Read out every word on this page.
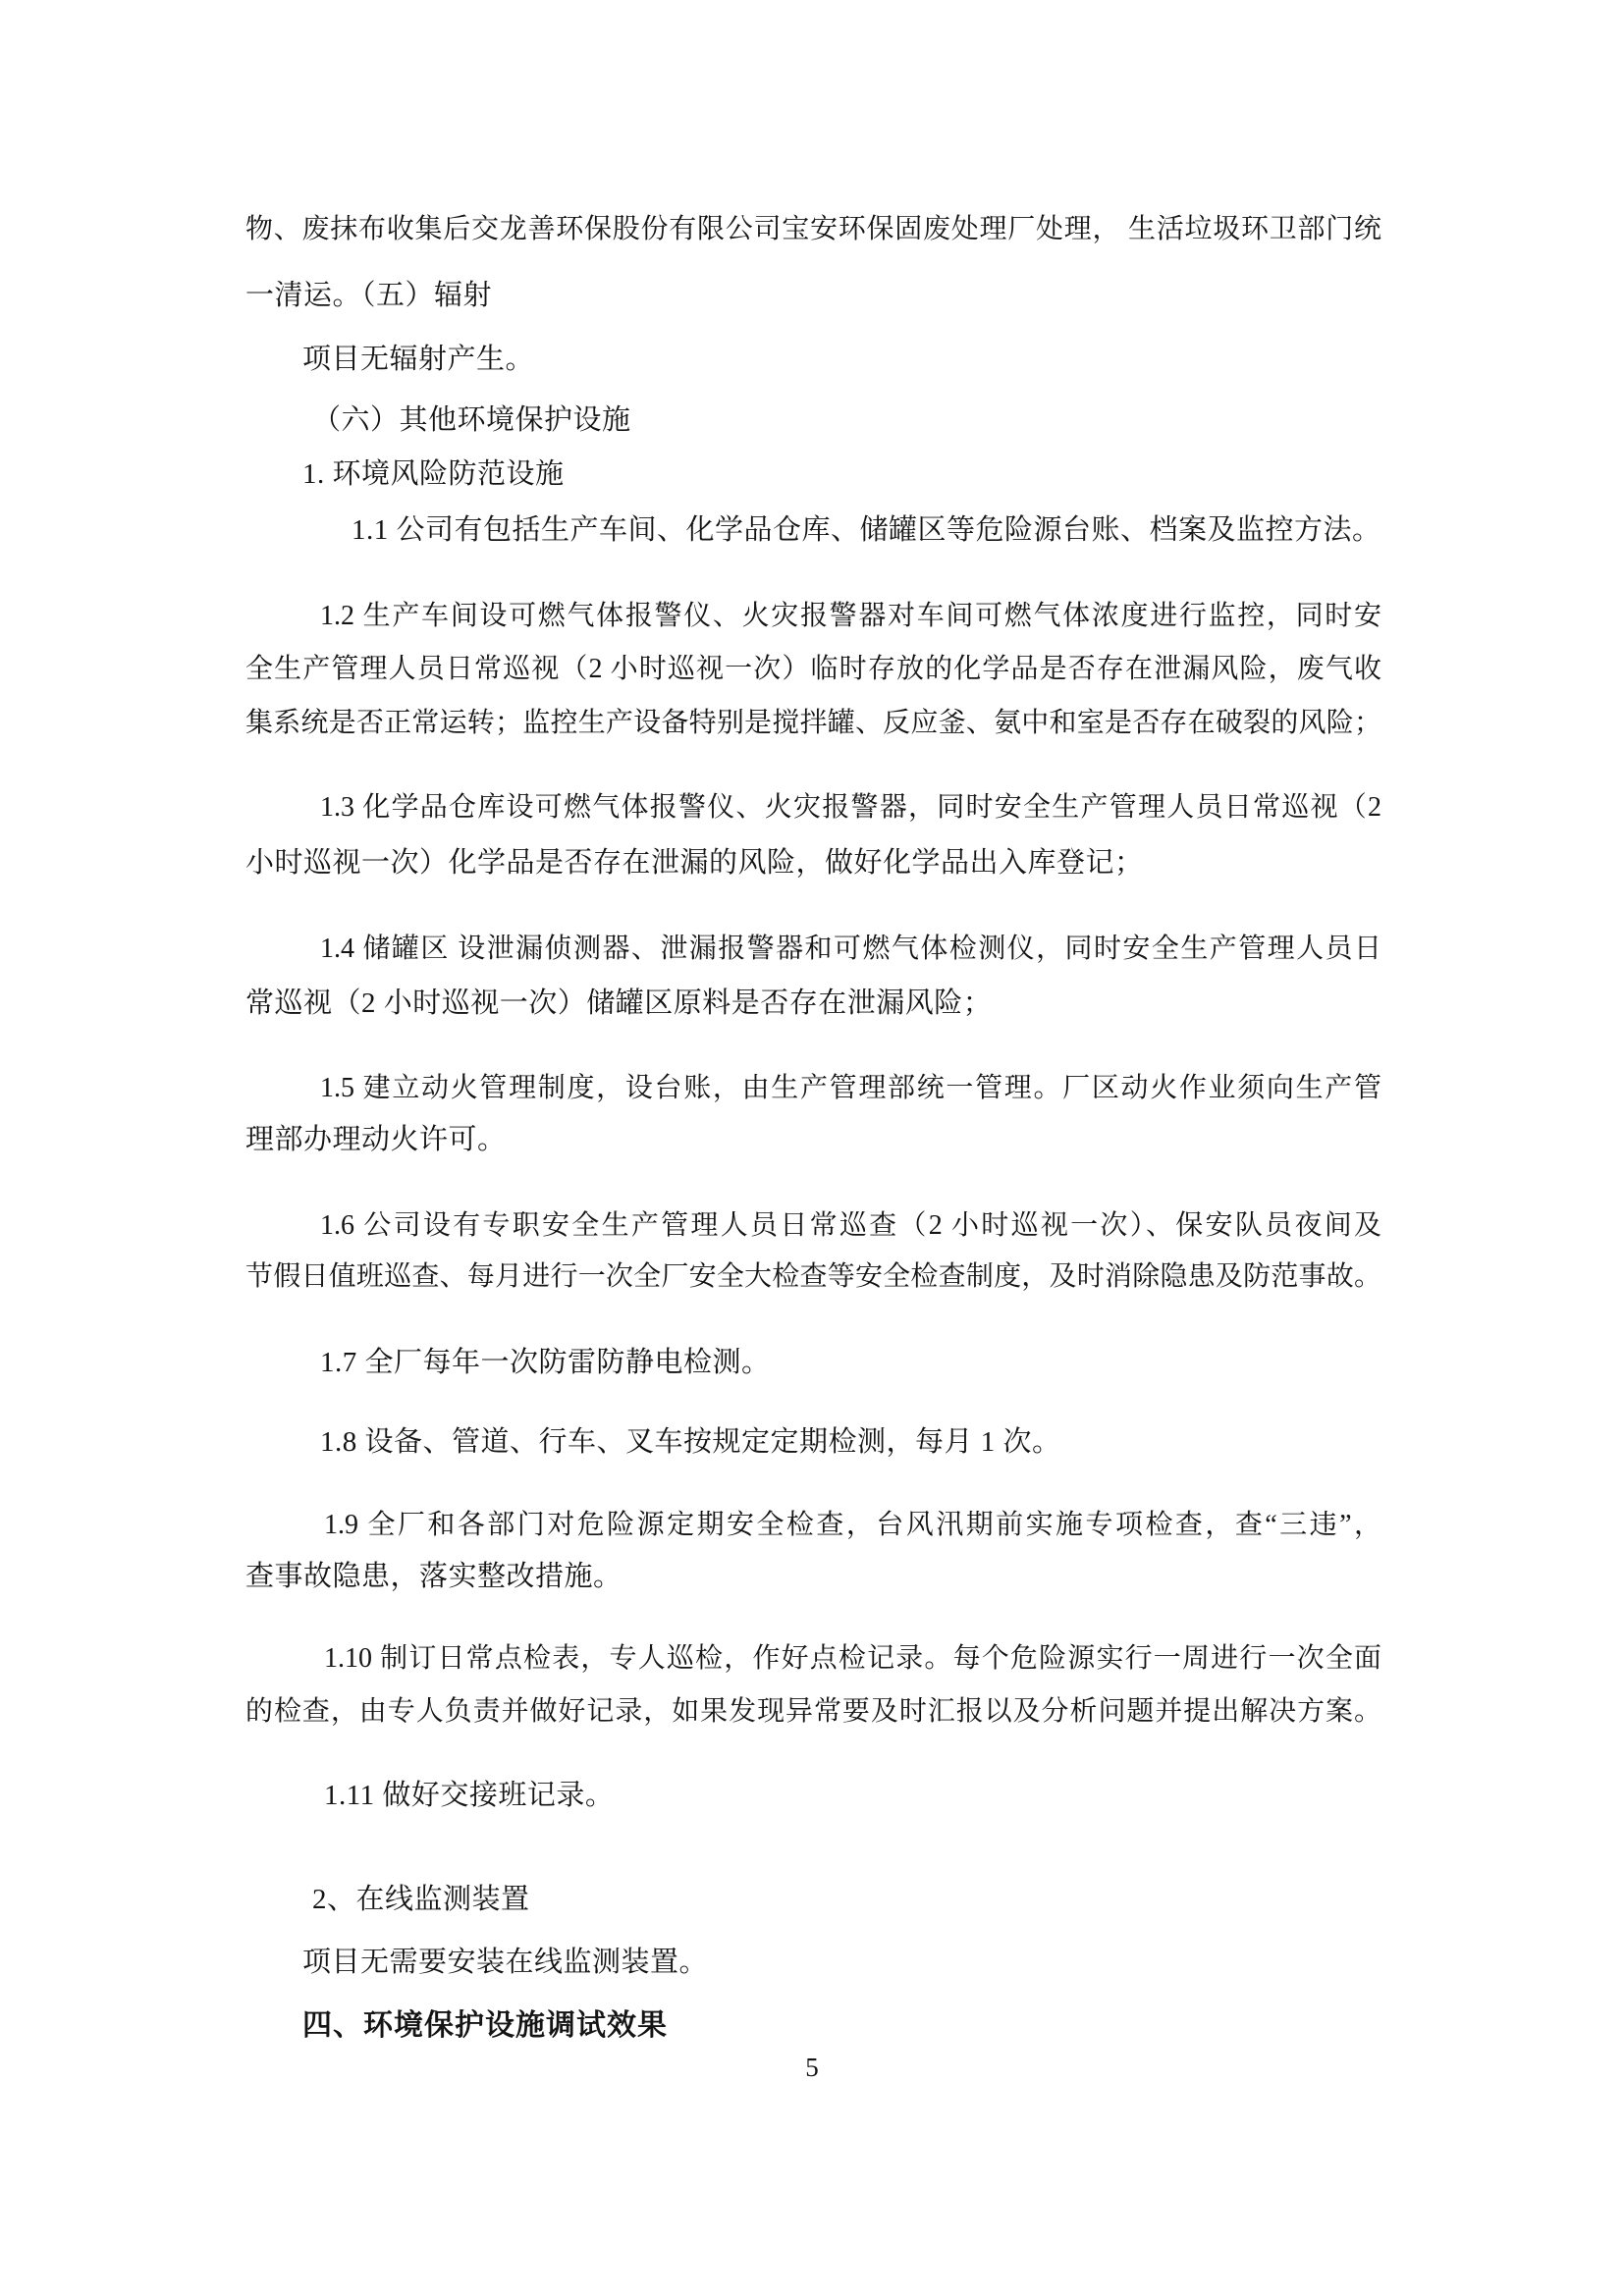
物、废抹布收集后交龙善环保股份有限公司宝安环保固废处理厂处理， 生活垃圾环卫部门统
一清运。（五）辐射
项目无辐射产生。
（六）其他环境保护设施
1. 环境风险防范设施
1.1 公司有包括生产车间、化学品仓库、储罐区等危险源台账、档案及监控方法。
1.2 生产车间设可燃气体报警仪、火灾报警器对车间可燃气体浓度进行监控，同时安
全生产管理人员日常巡视（2 小时巡视一次）临时存放的化学品是否存在泄漏风险，废气收
集系统是否正常运转；监控生产设备特别是搅拌罐、反应釜、氨中和室是否存在破裂的风险；
1.3 化学品仓库设可燃气体报警仪、火灾报警器，同时安全生产管理人员日常巡视（2
小时巡视一次）化学品是否存在泄漏的风险，做好化学品出入库登记；
1.4 储罐区 设泄漏侦测器、泄漏报警器和可燃气体检测仪，同时安全生产管理人员日
常巡视（2 小时巡视一次）储罐区原料是否存在泄漏风险；
1.5 建立动火管理制度，设台账，由生产管理部统一管理。厂区动火作业须向生产管
理部办理动火许可。
1.6 公司设有专职安全生产管理人员日常巡查（2 小时巡视一次）、保安队员夜间及
节假日值班巡查、每月进行一次全厂安全大检查等安全检查制度，及时消除隐患及防范事故。
1.7 全厂每年一次防雷防静电检测。
1.8 设备、管道、行车、叉车按规定定期检测，每月 1 次。
1.9 全厂和各部门对危险源定期安全检查，台风汛期前实施专项检查，查“三违”，
查事故隐患，落实整改措施。
1.10 制订日常点检表，专人巡检，作好点检记录。每个危险源实行一周进行一次全面
的检查，由专人负责并做好记录，如果发现异常要及时汇报以及分析问题并提出解决方案。
1.11 做好交接班记录。
2、在线监测装置
项目无需要安装在线监测装置。
四、环境保护设施调试效果
5
